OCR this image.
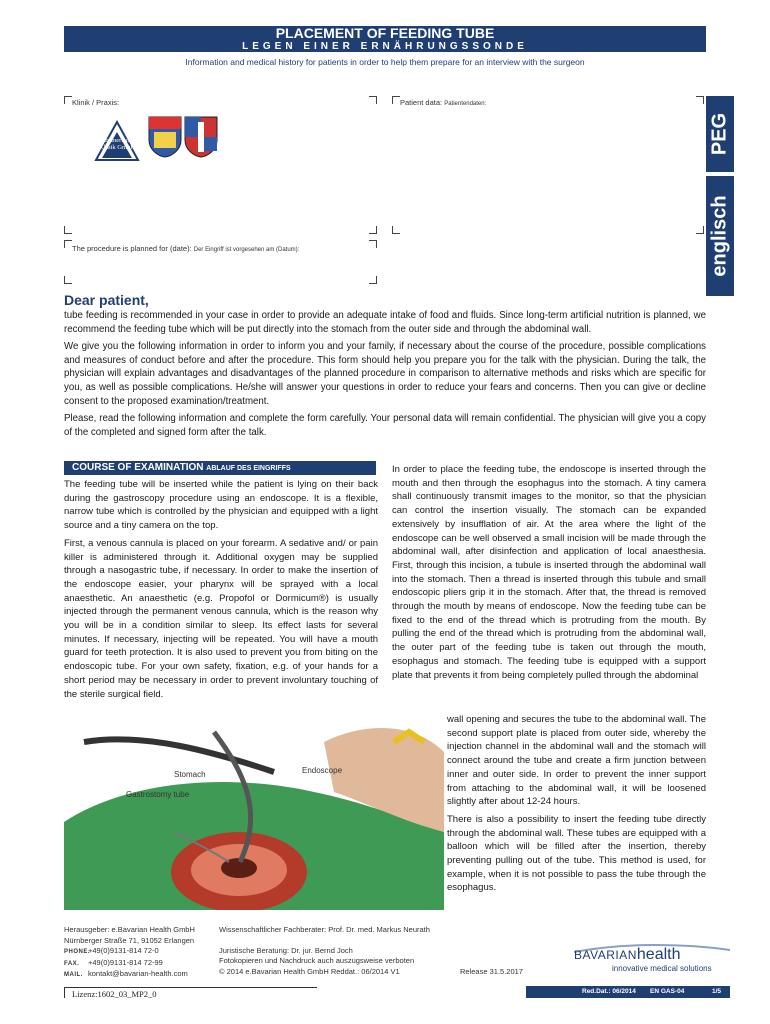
PLACEMENT OF FEEDING TUBE
LEGEN EINER ERNÄHRUNGSSONDE
Information and medical history for patients in order to help them prepare for an interview with the surgeon
Klinik / Praxis:
Ammerland
Klinik GmbH
Patient data: Patientendaten:
The procedure is planned for (date): Der Eingriff ist vorgesehen am (Datum):
PEG
englisch
Dear patient,

tube feeding is recommended in your case in order to provide an adequate intake of food and fluids. Since long-term artificial nutrition is planned, we recommend the feeding tube which will be put directly into the stomach from the outer side and through the abdominal wall.

We give you the following information in order to inform you and your family, if necessary about the course of the procedure, possible complications and measures of conduct before and after the procedure. This form should help you prepare you for the talk with the physician. During the talk, the physician will explain advantages and disadvantages of the planned procedure in comparison to alternative methods and risks which are specific for you, as well as possible complications. He/she will answer your questions in order to reduce your fears and concerns. Then you can give or decline consent to the proposed examination/treatment.

Please, read the following information and complete the form carefully. Your personal data will remain confidential. The physician will give you a copy of the completed and signed form after the talk.

COURSE OF EXAMINATION ABLAUF DES EINGRIFFS

The feeding tube will be inserted while the patient is lying on their back during the gastroscopy procedure using an endoscope. It is a flexible, narrow tube which is controlled by the physician and equipped with a light source and a tiny camera on the top.

First, a venous cannula is placed on your forearm. A sedative and/ or pain killer is administered through it. Additional oxygen may be supplied through a nasogastric tube, if necessary. In order to make the insertion of the endoscope easier, your pharynx will be sprayed with a local anaesthetic. An anaesthetic (e.g. Propofol or Dormicum®) is usually injected through the permanent venous cannula, which is the reason why you will be in a condition similar to sleep. Its effect lasts for several minutes. If necessary, injecting will be repeated. You will have a mouth guard for teeth protection. It is also used to prevent you from biting on the endoscopic tube. For your own safety, fixation, e.g. of your hands for a short period may be necessary in order to prevent involuntary touching of the sterile surgical field.

In order to place the feeding tube, the endoscope is inserted through the mouth and then through the esophagus into the stomach. A tiny camera shall continuously transmit images to the monitor, so that the physician can control the insertion visually. The stomach can be expanded extensively by insufflation of air. At the area where the light of the endoscope can be well observed a small incision will be made through the abdominal wall, after disinfection and application of local anaesthesia. First, through this incision, a tubule is inserted through the abdominal wall into the stomach. Then a thread is inserted through this tubule and small endoscopic pliers grip it in the stomach. After that, the thread is removed through the mouth by means of endoscope. Now the feeding tube can be fixed to the end of the thread which is protruding from the mouth. By pulling the end of the thread which is protruding from the abdominal wall, the outer part of the feeding tube is taken out through the mouth, esophagus and stomach. The feeding tube is equipped with a support plate that prevents it from being completely pulled through the abdominal

Stomach	Endoscope
Gastrostomy tube

wall opening and secures the tube to the abdominal wall. The second support plate is placed from outer side, whereby the injection channel in the abdominal wall and the stomach will connect around the tube and create a firm junction between inner and outer side. In order to prevent the inner support from attaching to the abdominal wall, it will be loosened slightly after about 12-24 hours.

There is also a possibility to insert the feeding tube directly through the abdominal wall. These tubes are equipped with a balloon which will be filled after the insertion, thereby preventing pulling out of the tube. This method is used, for example, when it is not possible to pass the tube through the esophagus.

Herausgeber: e.Bavarian Health GmbH
Nürnberger Straße 71, 91052 Erlangen
PHONE.+49(0)9131-814 72-0
FAX. +49(0)9131-814 72-99
MAIL. kontakt@bavarian-health.com
Wissenschaftlicher Fachberater: Prof. Dr. med. Markus Neurath
Juristische Beratung: Dr. jur. Bernd Joch
Fotokopieren und Nachdruck auch auszugsweise verboten
© 2014 e.Bavarian Health GmbH Reddat.: 06/2014 V1	Release 31.5.2017
BAVARIANhealth
innovative medical solutions
Lizenz:1602_03_MP2_0	Red.Dat.: 06/2014 EN GAS-04	1/5
